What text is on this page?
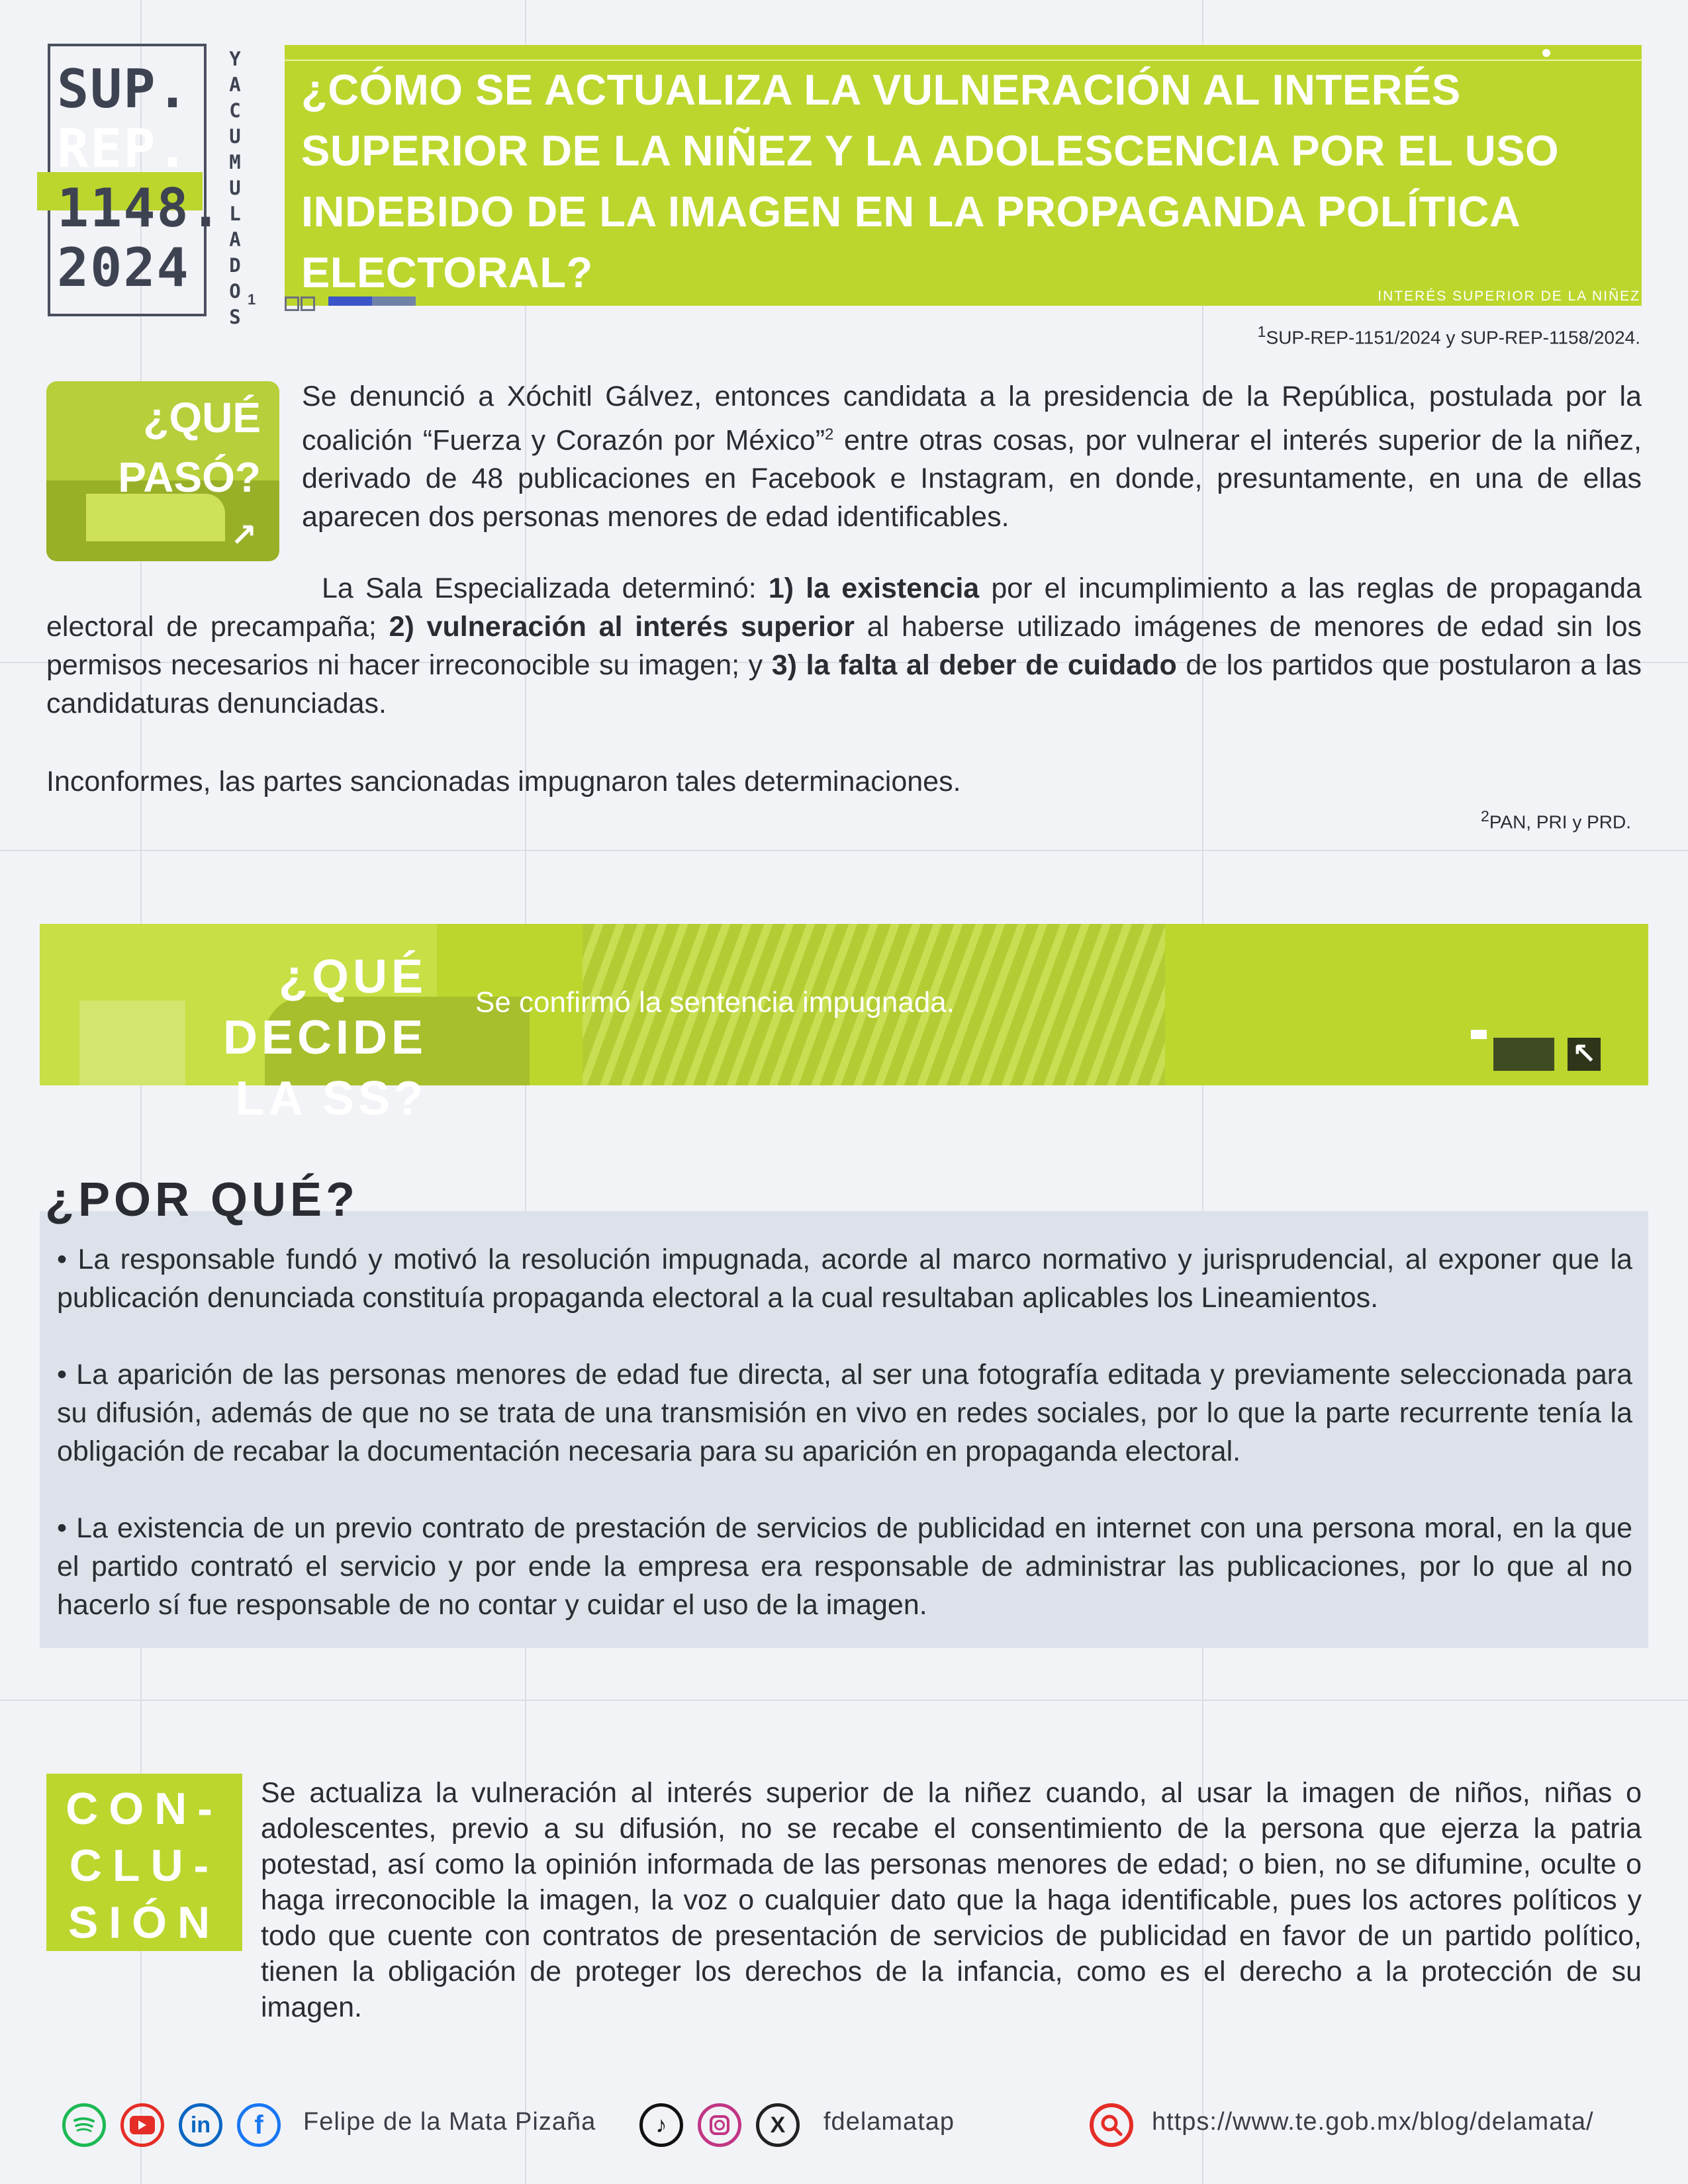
SUP.
REP.
1148.
2024
Y
A
C
U
M
U
L
A
D
O
S
1
¿CÓMO SE ACTUALIZA LA VULNERACIÓN AL INTERÉS SUPERIOR DE LA NIÑEZ Y LA ADOLESCENCIA POR EL USO INDEBIDO DE LA IMAGEN EN LA PROPAGANDA POLÍTICA ELECTORAL?	INTERÉS SUPERIOR DE LA NIÑEZ
$^1$SUP-REP-1151/2024 y SUP-REP-1158/2024.
↗
¿QUÉ
PASÓ?
Se denunció a Xóchitl Gálvez, entonces candidata a la presidencia de la República, postulada por la coalición “Fuerza y Corazón por México”$^2$ entre otras cosas, por vulnerar el interés superior de la niñez, derivado de 48 publicaciones en Facebook e Instagram, en donde, presuntamente, en una de ellas aparecen dos personas menores de edad identificables.
La Sala Especializada determinó: 1) la existencia por el incumplimiento a las reglas de propaganda electoral de precampaña; 2) vulneración al interés superior al haberse utilizado imágenes de menores de edad sin los permisos necesarios ni hacer irreconocible su imagen; y 3) la falta al deber de cuidado de los partidos que postularon a las candidaturas denunciadas.
Inconformes, las partes sancionadas impugnaron tales determinaciones.
$^2$PAN, PRI y PRD.
↖
¿QUÉ DECIDE
LA SS?
Se confirmó la sentencia impugnada.
¿POR QUÉ?
• La responsable fundó y motivó la resolución impugnada, acorde al marco normativo y jurisprudencial, al exponer que la publicación denunciada constituía propaganda electoral a la cual resultaban aplicables los Lineamientos.
• La aparición de las personas menores de edad fue directa, al ser una fotografía editada y previamente seleccionada para su difusión, además de que no se trata de una transmisión en vivo en redes sociales, por lo que la parte recurrente tenía la obligación de recabar la documentación necesaria para su aparición en propaganda electoral.
• La existencia de un previo contrato de prestación de servicios de publicidad en internet con una persona moral, en la que el partido contrató el servicio y por ende la empresa era responsable de administrar las publicaciones, por lo que al no hacerlo sí fue responsable de no contar y cuidar el uso de la imagen.
CON-
CLU-
SIÓN
Se actualiza la vulneración al interés superior de la niñez cuando, al usar la imagen de niños, niñas o adolescentes, previo a su difusión, no se recabe el consentimiento de la persona que ejerza la patria potestad, así como la opinión informada de las personas menores de edad; o bien, no se difumine, oculte o haga irreconocible la imagen, la voz o cualquier dato que la haga identificable, pues los actores políticos y todo que cuente con contratos de presentación de servicios de publicidad en favor de un partido político, tienen la obligación de proteger los derechos de la infancia, como es el derecho a la protección de su imagen.
in	f	Felipe de la Mata Pizaña	♪	X	fdelamatap	https://www.te.gob.mx/blog/delamata/
